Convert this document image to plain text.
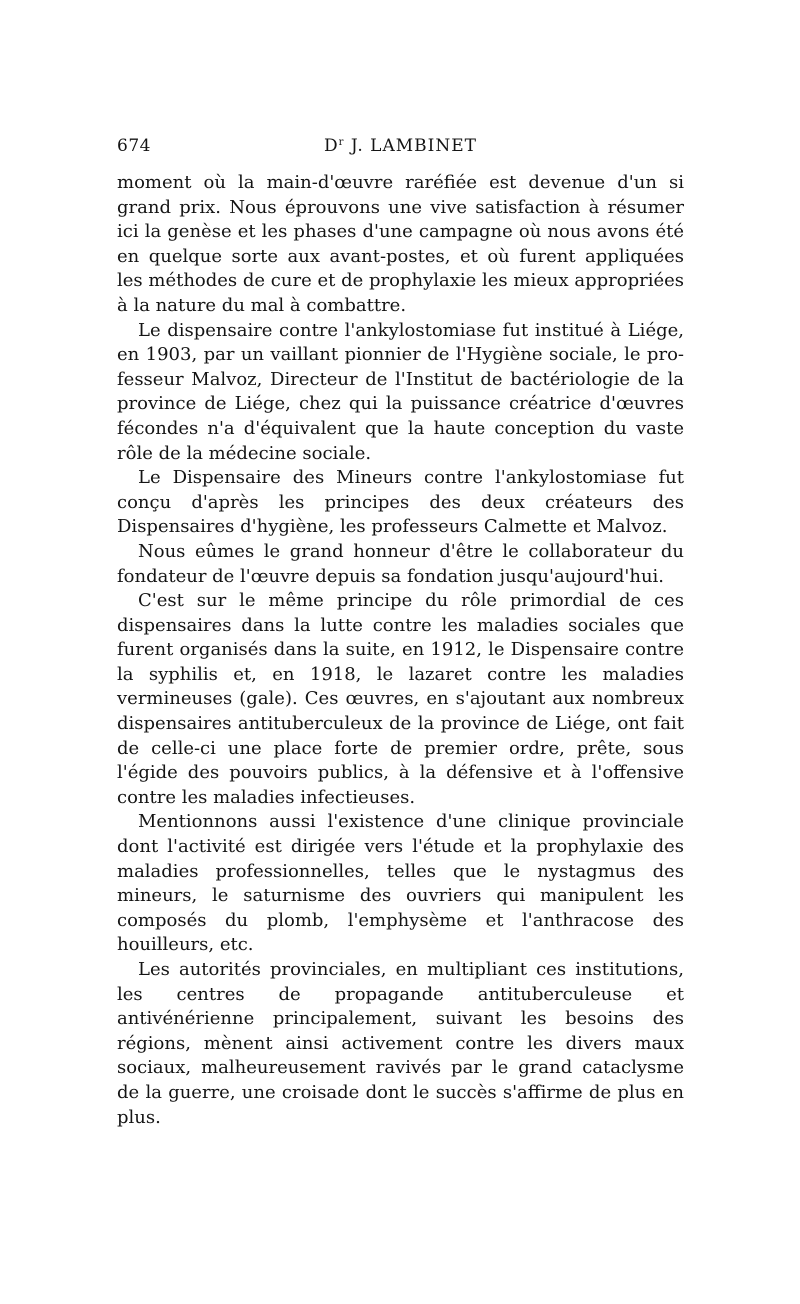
674	$D^r$ J. LAMBINET

moment où la main-d'œuvre raréfiée est devenue d'un si grand prix. Nous éprouvons une vive satisfaction à résumer ici la genèse et les phases d'une campagne où nous avons été en quelque sorte aux avant-postes, et où furent appliquées les méthodes de cure et de prophylaxie les mieux appropriées à la nature du mal à combattre.

Le dispensaire contre l'ankylostomiase fut institué à Liége, en 1903, par un vaillant pionnier de l'Hygiène sociale, le professeur Malvoz, Directeur de l'Institut de bactériologie de la province de Liége, chez qui la puissance créatrice d'œuvres fécondes n'a d'équivalent que la haute conception du vaste rôle de la médecine sociale.

Le Dispensaire des Mineurs contre l'ankylostomiase fut conçu d'après les principes des deux créateurs des Dispensaires d'hygiène, les professeurs Calmette et Malvoz.

Nous eûmes le grand honneur d'être le collaborateur du fondateur de l'œuvre depuis sa fondation jusqu'aujourd'hui.

C'est sur le même principe du rôle primordial de ces dispensaires dans la lutte contre les maladies sociales que furent organisés dans la suite, en 1912, le Dispensaire contre la syphilis et, en 1918, le lazaret contre les maladies vermineuses (gale). Ces œuvres, en s'ajoutant aux nombreux dispensaires antituberculeux de la province de Liége, ont fait de celle-ci une place forte de premier ordre, prête, sous l'égide des pouvoirs publics, à la défensive et à l'offensive contre les maladies infectieuses.

Mentionnons aussi l'existence d'une clinique provinciale dont l'activité est dirigée vers l'étude et la prophylaxie des maladies professionnelles, telles que le nystagmus des mineurs, le saturnisme des ouvriers qui manipulent les composés du plomb, l'emphysème et l'anthracose des houilleurs, etc.

Les autorités provinciales, en multipliant ces institutions, les centres de propagande antituberculeuse et antivénérienne principalement, suivant les besoins des régions, mènent ainsi activement contre les divers maux sociaux, malheureusement ravivés par le grand cataclysme de la guerre, une croisade dont le succès s'affirme de plus en plus.
